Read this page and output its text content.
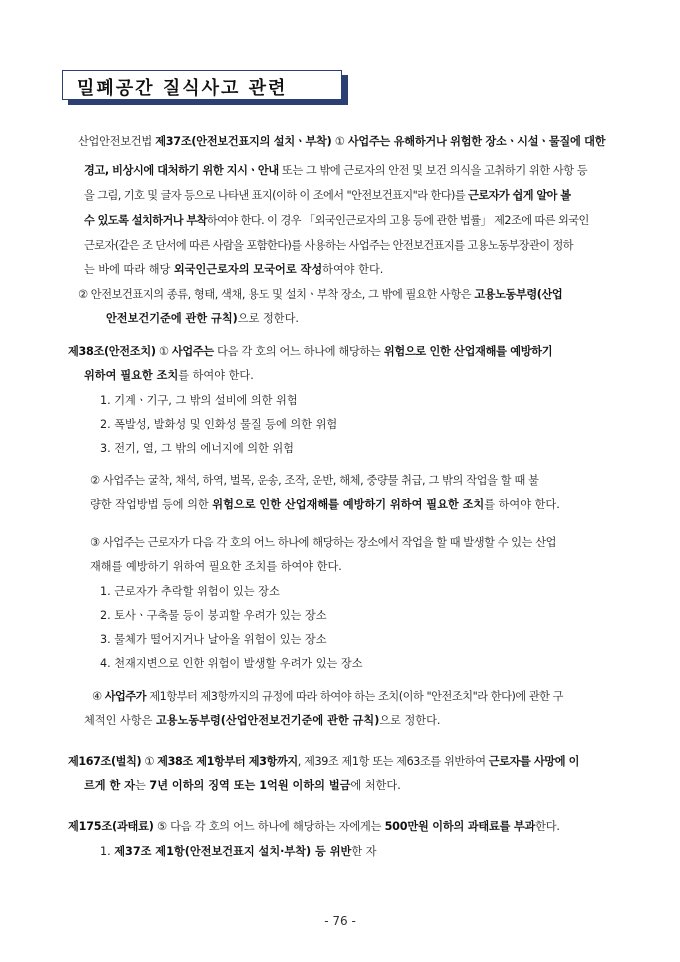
밀폐공간 질식사고 관련
산업안전보건법 제37조(안전보건표지의 설치ㆍ부착) ① 사업주는 유해하거나 위험한 장소ㆍ시설ㆍ물질에 대한
경고, 비상시에 대처하기 위한 지시ㆍ안내 또는 그 밖에 근로자의 안전 및 보건 의식을 고취하기 위한 사항 등
을 그림, 기호 및 글자 등으로 나타낸 표지(이하 이 조에서 "안전보건표지"라 한다)를 근로자가 쉽게 알아 볼
수 있도록 설치하거나 부착하여야 한다. 이 경우 「외국인근로자의 고용 등에 관한 법률」 제2조에 따른 외국인
근로자(같은 조 단서에 따른 사람을 포함한다)를 사용하는 사업주는 안전보건표지를 고용노동부장관이 정하
는 바에 따라 해당 외국인근로자의 모국어로 작성하여야 한다.
② 안전보건표지의 종류, 형태, 색채, 용도 및 설치ㆍ부착 장소, 그 밖에 필요한 사항은 고용노동부령(산업
안전보건기준에 관한 규칙)으로 정한다.
제38조(안전조치) ① 사업주는 다음 각 호의 어느 하나에 해당하는 위험으로 인한 산업재해를 예방하기
위하여 필요한 조치를 하여야 한다.
1. 기계ㆍ기구, 그 밖의 설비에 의한 위험
2. 폭발성, 발화성 및 인화성 물질 등에 의한 위험
3. 전기, 열, 그 밖의 에너지에 의한 위험
② 사업주는 굴착, 채석, 하역, 벌목, 운송, 조작, 운반, 해체, 중량물 취급, 그 밖의 작업을 할 때 불
량한 작업방법 등에 의한 위험으로 인한 산업재해를 예방하기 위하여 필요한 조치를 하여야 한다.
③ 사업주는 근로자가 다음 각 호의 어느 하나에 해당하는 장소에서 작업을 할 때 발생할 수 있는 산업
재해를 예방하기 위하여 필요한 조치를 하여야 한다.
1. 근로자가 추락할 위험이 있는 장소
2. 토사ㆍ구축물 등이 붕괴할 우려가 있는 장소
3. 물체가 떨어지거나 날아올 위험이 있는 장소
4. 천재지변으로 인한 위험이 발생할 우려가 있는 장소
④ 사업주가 제1항부터 제3항까지의 규정에 따라 하여야 하는 조치(이하 "안전조치"라 한다)에 관한 구
체적인 사항은 고용노동부령(산업안전보건기준에 관한 규칙)으로 정한다.
제167조(벌칙) ① 제38조 제1항부터 제3항까지, 제39조 제1항 또는 제63조를 위반하여 근로자를 사망에 이
르게 한 자는 7년 이하의 징역 또는 1억원 이하의 벌금에 처한다.
제175조(과태료) ⑤ 다음 각 호의 어느 하나에 해당하는 자에게는 500만원 이하의 과태료를 부과한다.
1. 제37조 제1항(안전보건표지 설치·부착) 등 위반한 자
- 76 -
